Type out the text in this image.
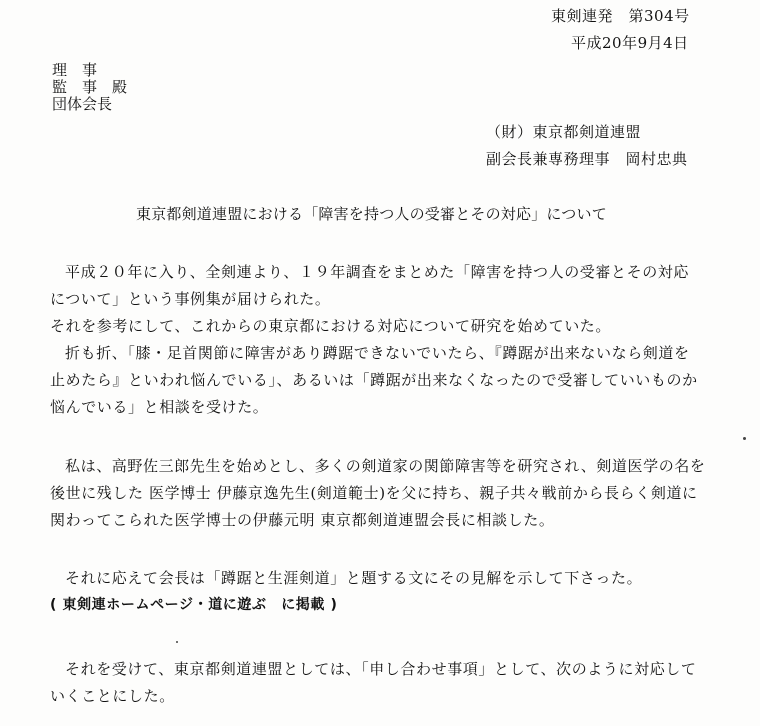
東剣連発　第304号
平成20年9月4日
理　事
監　事　殿
団体会長
（財）東京都剣道連盟
副会長兼専務理事　岡村忠典
東京都剣道連盟における「障害を持つ人の受審とその対応」について
平成２０年に入り、全剣連より、１９年調査をまとめた「障害を持つ人の受審とその対応
について」という事例集が届けられた。
それを参考にして、これからの東京都における対応について研究を始めていた。
折も折、「膝・足首関節に障害があり蹲踞できないでいたら、『蹲踞が出来ないなら剣道を
止めたら』といわれ悩んでいる」、あるいは「蹲踞が出来なくなったので受審していいものか
悩んでいる」と相談を受けた。
私は、高野佐三郎先生を始めとし、多くの剣道家の関節障害等を研究され、剣道医学の名を
後世に残した 医学博士 伊藤京逸先生(剣道範士)を父に持ち、親子共々戦前から長らく剣道に
関わってこられた医学博士の伊藤元明 東京都剣道連盟会長に相談した。
それに応えて会長は「蹲踞と生涯剣道」と題する文にその見解を示して下さった。
( 東剣連ホームページ・道に遊ぶ　に掲載 )
それを受けて、東京都剣道連盟としては、「申し合わせ事項」として、次のように対応して
いくことにした。
